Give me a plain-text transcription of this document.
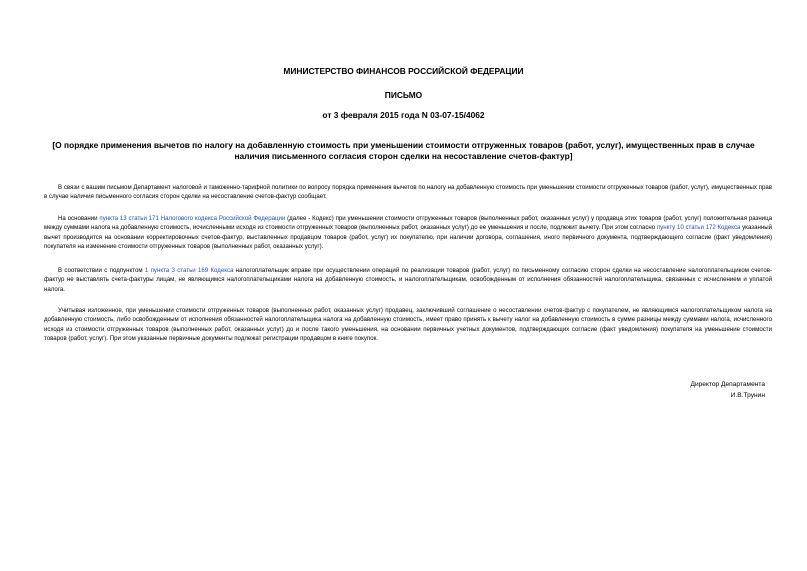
МИНИСТЕРСТВО ФИНАНСОВ РОССИЙСКОЙ ФЕДЕРАЦИИ

ПИСЬМО

от 3 февраля 2015 года N 03-07-15/4062

[О порядке применения вычетов по налогу на добавленную стоимость при уменьшении стоимости отгруженных товаров (работ, услуг), имущественных прав в случае наличия письменного согласия сторон сделки на несоставление счетов-фактур]

В связи с вашим письмом Департамент налоговой и таможенно-тарифной политики по вопросу порядка применения вычетов по налогу на добавленную стоимость при уменьшении стоимости отгруженных товаров (работ, услуг), имущественных прав в случае наличия письменного согласия сторон сделки на несоставление счетов-фактур сообщает.

На основании пункта 13 статьи 171 Налогового кодекса Российской Федерации (далее - Кодекс) при уменьшении стоимости отгруженных товаров (выполненных работ, оказанных услуг) у продавца этих товаров (работ, услуг) положительная разница между суммами налога на добавленную стоимость, исчисленными исходя из стоимости отгруженных товаров (выполненных работ, оказанных услуг) до ее уменьшения и после, подлежит вычету. При этом согласно пункту 10 статьи 172 Кодекса указанный вычет производится на основании корректировочных счетов-фактур, выставленных продавцом товаров (работ, услуг) их покупателю, при наличии договора, соглашения, иного первичного документа, подтверждающего согласие (факт уведомления) покупателя на изменение стоимости отгруженных товаров (выполненных работ, оказанных услуг).

В соответствии с подпунктом 1 пункта 3 статьи 169 Кодекса налогоплательщик вправе при осуществлении операций по реализации товаров (работ, услуг) по письменному согласию сторон сделки на несоставление налогоплательщиком счетов-фактур не выставлять счета-фактуры лицам, не являющимся налогоплательщиками налога на добавленную стоимость, и налогоплательщикам, освобожденным от исполнения обязанностей налогоплательщика, связанных с исчислением и уплатой налога.

Учитывая изложенное, при уменьшении стоимости отгруженных товаров (выполненных работ, оказанных услуг) продавец, заключивший соглашение о несоставлении счетов-фактур с покупателем, не являющимся налогоплательщиком налога на добавленную стоимость, либо освобожденным от исполнения обязанностей налогоплательщика налога на добавленную стоимость, имеет право принять к вычету налог на добавленную стоимость в сумме разницы между суммами налога, исчисленного исходя из стоимости отгруженных товаров (выполненных работ, оказанных услуг) до и после такого уменьшения, на основании первичных учетных документов, подтверждающих согласие (факт уведомления) покупателя на уменьшение стоимости товаров (работ, услуг). При этом указанные первичные документы подлежат регистрации продавцом в книге покупок.

Директор Департамента

И.В.Трунин
